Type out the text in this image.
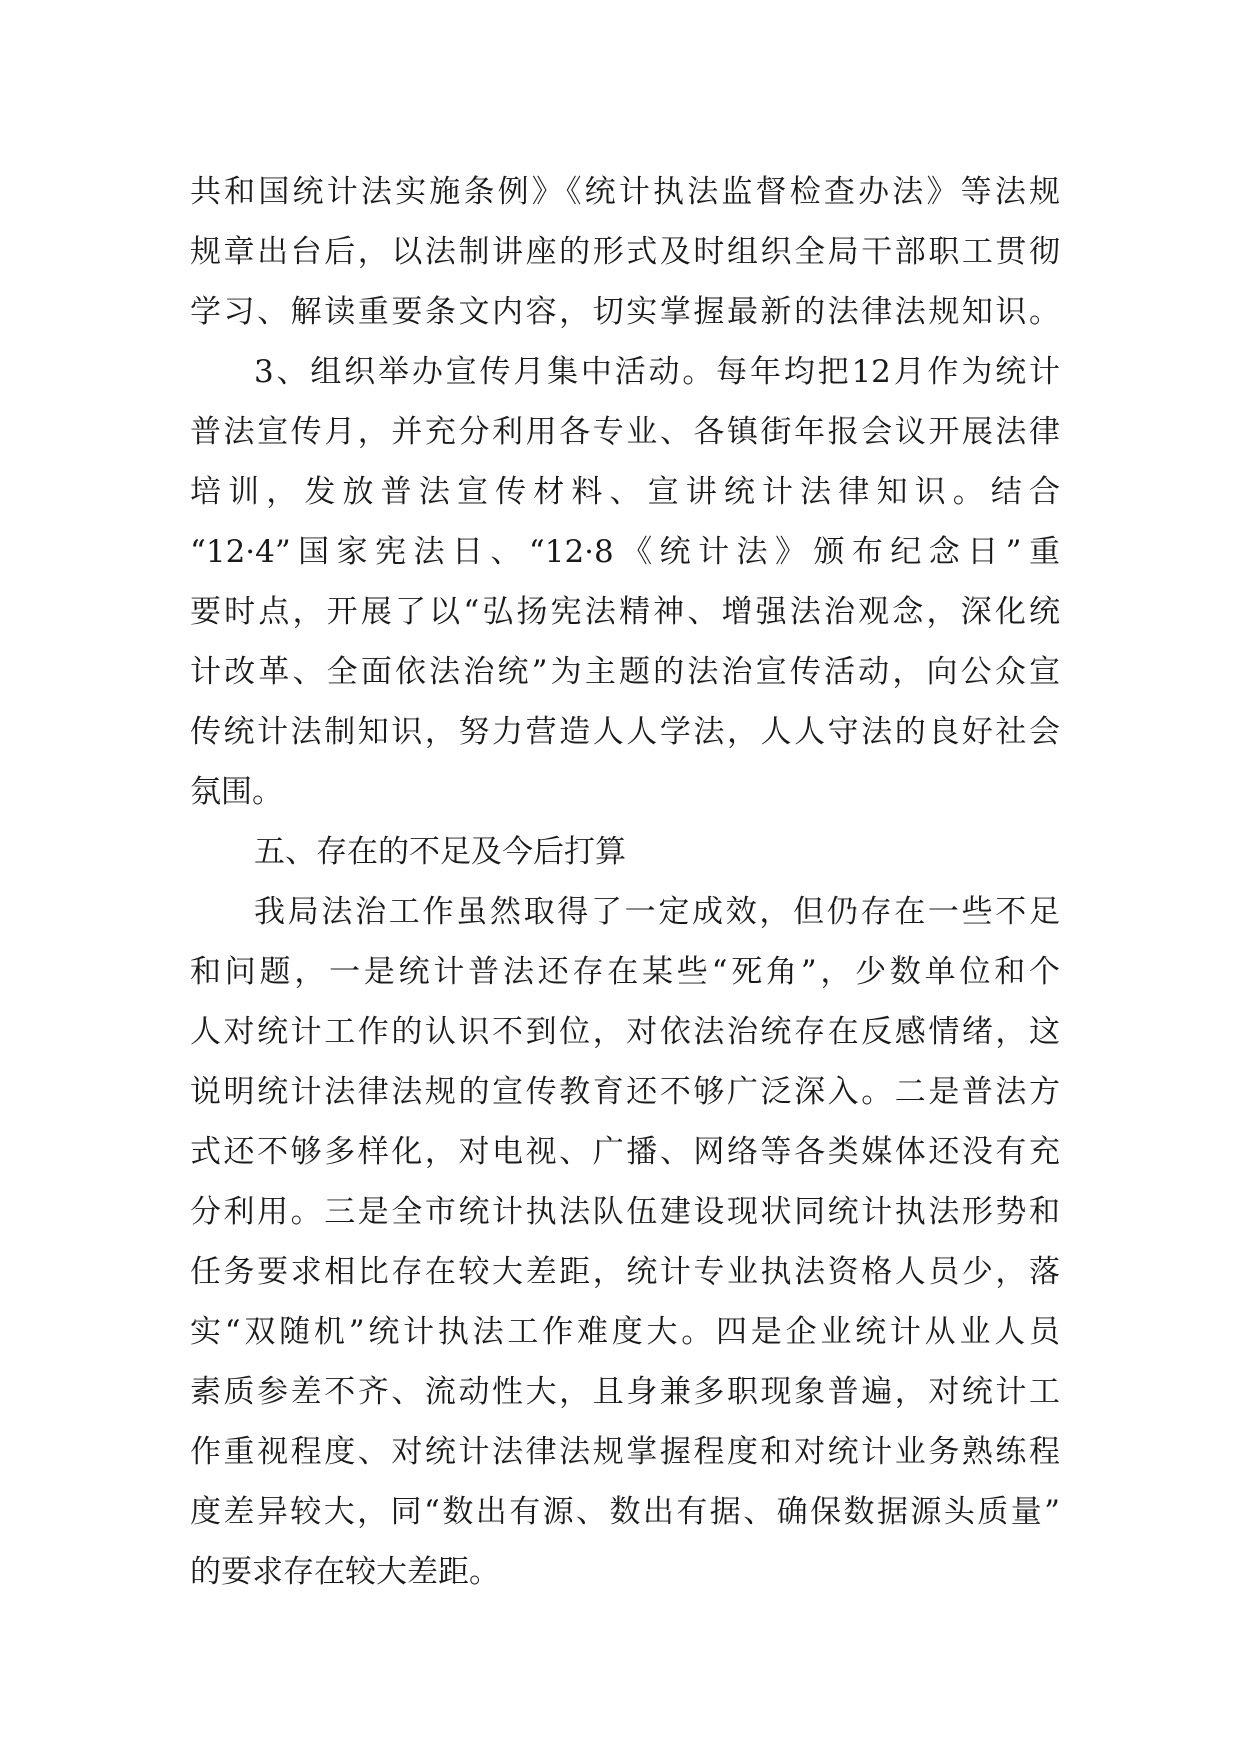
共和国统计法实施条例》《统计执法监督检查办法》等法规
规章出台后，以法制讲座的形式及时组织全局干部职工贯彻
学习、解读重要条文内容，切实掌握最新的法律法规知识。
3、组织举办宣传月集中活动。每年均把12月作为统计
普法宣传月，并充分利用各专业、各镇街年报会议开展法律
培训，发放普法宣传材料、宣讲统计法律知识。结合
“12·4”国家宪法日、“12·8《统计法》颁布纪念日”重
要时点，开展了以“弘扬宪法精神、增强法治观念，深化统
计改革、全面依法治统”为主题的法治宣传活动，向公众宣
传统计法制知识，努力营造人人学法，人人守法的良好社会
氛围。
五、存在的不足及今后打算
我局法治工作虽然取得了一定成效，但仍存在一些不足
和问题，一是统计普法还存在某些“死角”，少数单位和个
人对统计工作的认识不到位，对依法治统存在反感情绪，这
说明统计法律法规的宣传教育还不够广泛深入。二是普法方
式还不够多样化，对电视、广播、网络等各类媒体还没有充
分利用。三是全市统计执法队伍建设现状同统计执法形势和
任务要求相比存在较大差距，统计专业执法资格人员少，落
实“双随机”统计执法工作难度大。四是企业统计从业人员
素质参差不齐、流动性大，且身兼多职现象普遍，对统计工
作重视程度、对统计法律法规掌握程度和对统计业务熟练程
度差异较大，同“数出有源、数出有据、确保数据源头质量”
的要求存在较大差距。
